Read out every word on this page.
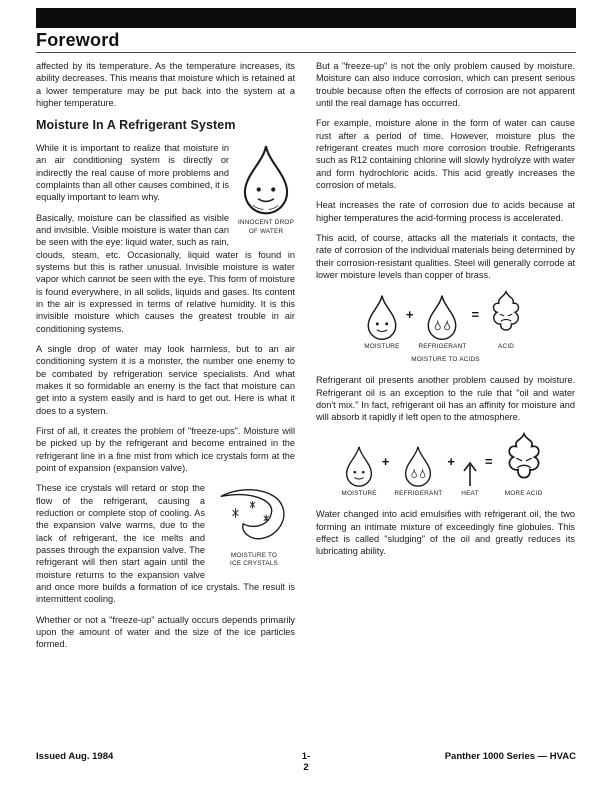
Foreword

affected by its temperature. As the temperature increases, its ability decreases. This means that moisture which is retained at a lower temperature may be put back into the system at a higher temperature.

Moisture In A Refrigerant System
INNOCENT DROP
OF WATER

While it is important to realize that moisture in an air conditioning system is directly or indirectly the real cause of more problems and complaints than all other causes combined, it is equally important to learn why.

Basically, moisture can be classified as visible and invisible. Visible moisture is water than can be seen with the eye: liquid water, such as rain, clouds, steam, etc. Occasionally, liquid water is found in systems but this is rather unusual. Invisible moisture is water vapor which cannot be seen with the eye. This form of moisture is found everywhere, in all solids, liquids and gases. Its content in the air is expressed in terms of relative humidity. It is this invisible moisture which causes the greatest trouble in air conditioning systems.

A single drop of water may look harmless, but to an air conditioning system it is a monster, the number one enemy to be combated by refrigeration service specialists. And what makes it so formidable an enemy is the fact that moisture can get into a system easily and is hard to get out. Here is what it does to a system.

First of all, it creates the problem of "freeze-ups". Moisture will be picked up by the refrigerant and become entrained in the refrigerant line in a fine mist from which ice crystals form at the point of expansion (expansion valve).

MOISTURE TO
ICE CRYSTALS

These ice crystals will retard or stop the flow of the refrigerant, causing a reduction or complete stop of cooling. As the expansion valve warms, due to the lack of refrigerant, the ice melts and passes through the expansion valve. The refrigerant will then start again until the moisture returns to the expansion valve and once more builds a formation of ice crystals. The result is intermittent cooling.

Whether or not a "freeze-up" actually occurs depends primarily upon the amount of water and the size of the ice particles formed.

But a "freeze-up" is not the only problem caused by moisture. Moisture can also induce corrosion, which can present serious trouble because often the effects of corrosion are not apparent until the real damage has occurred.

For example, moisture alone in the form of water can cause rust after a period of time. However, moisture plus the refrigerant creates much more corrosion trouble. Refrigerants such as R12 containing chlorine will slowly hydrolyze with water and form hydrochloric acids. This acid greatly increases the corrosion of metals.

Heat increases the rate of corrosion due to acids because at higher temperatures the acid-forming process is accelerated.

This acid, of course, attacks all the materials it contacts, the rate of corrosion of the individual materials being determined by their corrosion-resistant qualities. Steel will generally corrode at lower moisture levels than copper of brass.

MOISTURE
+
REFRIGERANT
=
ACID
MOISTURE TO ACIDS

Refrigerant oil presents another problem caused by moisture. Refrigerant oil is an exception to the rule that "oil and water don't mix." In fact, refrigerant oil has an affinity for moisture and will absorb it rapidly if left open to the atmosphere.

MOISTURE
+
REFRIGERANT
+
HEAT
=
MORE ACID

Water changed into acid emulsifies with refrigerant oil, the two forming an intimate mixture of exceedingly fine globules. This effect is called "sludging" of the oil and greatly reduces its lubricating ability.

Issued Aug. 1984	1-2
Panther 1000 Series — HVAC
